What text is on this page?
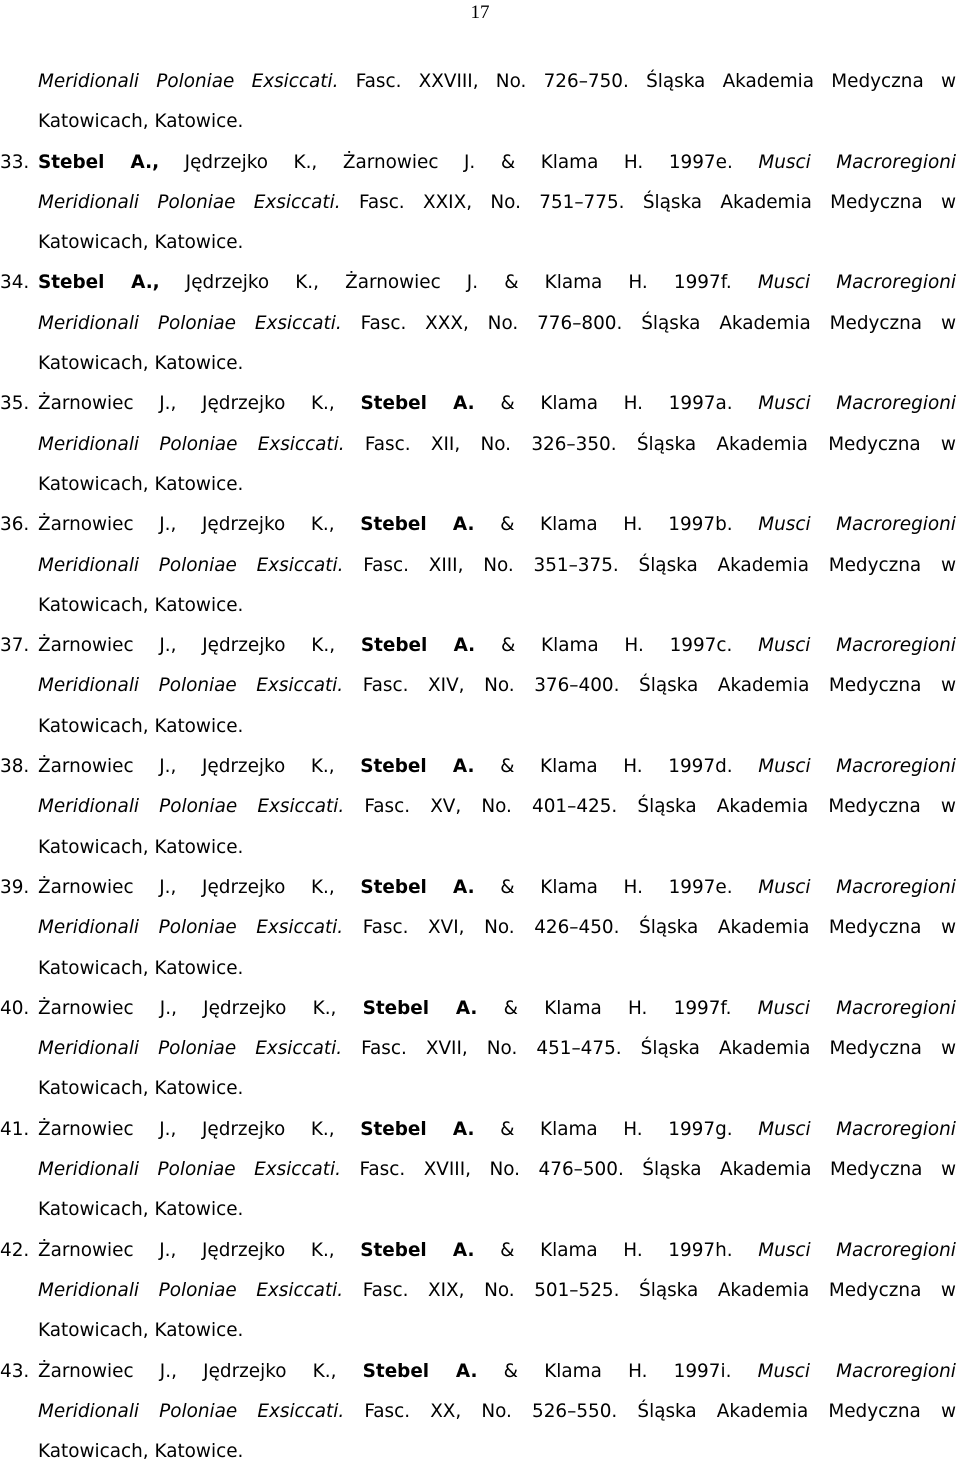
17
Meridionali Poloniae Exsiccati. Fasc. XXVIII, No. 726–750. Śląska Akademia Medyczna w
Katowicach, Katowice.
33. Stebel A., Jędrzejko K., Żarnowiec J. & Klama H. 1997e. Musci Macroregioni
Meridionali Poloniae Exsiccati. Fasc. XXIX, No. 751–775. Śląska Akademia Medyczna w
Katowicach, Katowice.
34. Stebel A., Jędrzejko K., Żarnowiec J. & Klama H. 1997f. Musci Macroregioni
Meridionali Poloniae Exsiccati. Fasc. XXX, No. 776–800. Śląska Akademia Medyczna w
Katowicach, Katowice.
35. Żarnowiec J., Jędrzejko K., Stebel A. & Klama H. 1997a. Musci Macroregioni
Meridionali Poloniae Exsiccati. Fasc. XII, No. 326–350. Śląska Akademia Medyczna w
Katowicach, Katowice.
36. Żarnowiec J., Jędrzejko K., Stebel A. & Klama H. 1997b. Musci Macroregioni
Meridionali Poloniae Exsiccati. Fasc. XIII, No. 351–375. Śląska Akademia Medyczna w
Katowicach, Katowice.
37. Żarnowiec J., Jędrzejko K., Stebel A. & Klama H. 1997c. Musci Macroregioni
Meridionali Poloniae Exsiccati. Fasc. XIV, No. 376–400. Śląska Akademia Medyczna w
Katowicach, Katowice.
38. Żarnowiec J., Jędrzejko K., Stebel A. & Klama H. 1997d. Musci Macroregioni
Meridionali Poloniae Exsiccati. Fasc. XV, No. 401–425. Śląska Akademia Medyczna w
Katowicach, Katowice.
39. Żarnowiec J., Jędrzejko K., Stebel A. & Klama H. 1997e. Musci Macroregioni
Meridionali Poloniae Exsiccati. Fasc. XVI, No. 426–450. Śląska Akademia Medyczna w
Katowicach, Katowice.
40. Żarnowiec J., Jędrzejko K., Stebel A. & Klama H. 1997f. Musci Macroregioni
Meridionali Poloniae Exsiccati. Fasc. XVII, No. 451–475. Śląska Akademia Medyczna w
Katowicach, Katowice.
41. Żarnowiec J., Jędrzejko K., Stebel A. & Klama H. 1997g. Musci Macroregioni
Meridionali Poloniae Exsiccati. Fasc. XVIII, No. 476–500. Śląska Akademia Medyczna w
Katowicach, Katowice.
42. Żarnowiec J., Jędrzejko K., Stebel A. & Klama H. 1997h. Musci Macroregioni
Meridionali Poloniae Exsiccati. Fasc. XIX, No. 501–525. Śląska Akademia Medyczna w
Katowicach, Katowice.
43. Żarnowiec J., Jędrzejko K., Stebel A. & Klama H. 1997i. Musci Macroregioni
Meridionali Poloniae Exsiccati. Fasc. XX, No. 526–550. Śląska Akademia Medyczna w
Katowicach, Katowice.
